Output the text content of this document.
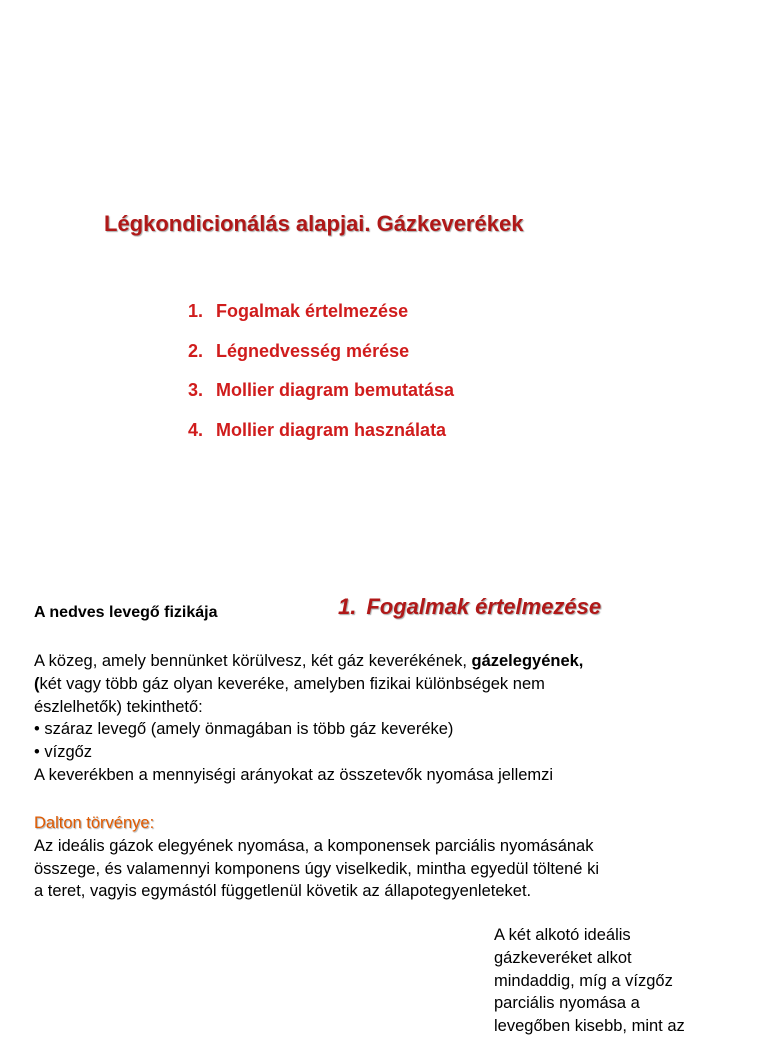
Légkondicionálás alapjai. Gázkeverékek
1. Fogalmak értelmezése
2. Légnedvesség mérése
3. Mollier diagram bemutatása
4. Mollier diagram használata
1. Fogalmak értelmezése
A nedves levegő fizikája

A közeg, amely bennünket körülvesz, két gáz keverékének, gázelegyének,

(két vagy több gáz olyan keveréke, amelyben fizikai különbségek nem

észlelhetők) tekinthető:

• száraz levegő (amely önmagában is több gáz keveréke)

• vízgőz

A keverékben a mennyiségi arányokat az összetevők nyomása jellemzi

Dalton törvénye:

Az ideális gázok elegyének nyomása, a komponensek parciális nyomásának

összege, és valamennyi komponens úgy viselkedik, mintha egyedül töltené ki

a teret, vagyis egymástól függetlenül követik az állapotegyenleteket.

A két alkotó ideális

gázkeveréket alkot

mindaddig, míg a vízgőz

parciális nyomása a

levegőben kisebb, mint az
